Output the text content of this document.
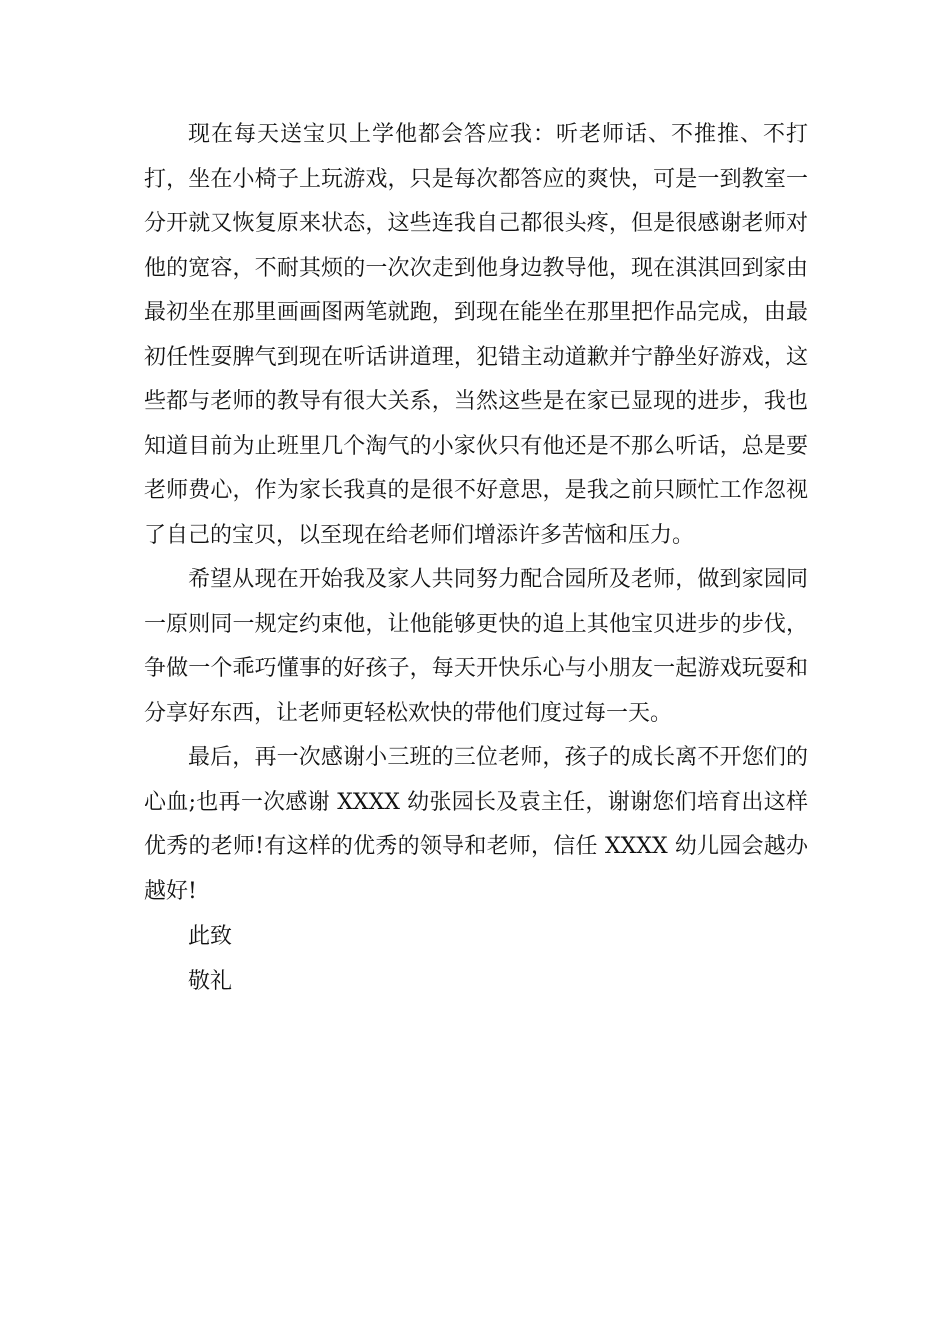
现在每天送宝贝上学他都会答应我：听老师话、不推推、不打打，坐在小椅子上玩游戏，只是每次都答应的爽快，可是一到教室一分开就又恢复原来状态，这些连我自己都很头疼，但是很感谢老师对他的宽容，不耐其烦的一次次走到他身边教导他，现在淇淇回到家由最初坐在那里画画图两笔就跑，到现在能坐在那里把作品完成，由最初任性耍脾气到现在听话讲道理，犯错主动道歉并宁静坐好游戏，这些都与老师的教导有很大关系，当然这些是在家已显现的进步，我也知道目前为止班里几个淘气的小家伙只有他还是不那么听话，总是要老师费心，作为家长我真的是很不好意思，是我之前只顾忙工作忽视了自己的宝贝，以至现在给老师们增添许多苦恼和压力。

希望从现在开始我及家人共同努力配合园所及老师，做到家园同一原则同一规定约束他，让他能够更快的追上其他宝贝进步的步伐，争做一个乖巧懂事的好孩子，每天开快乐心与小朋友一起游戏玩耍和分享好东西，让老师更轻松欢快的带他们度过每一天。

最后，再一次感谢小三班的三位老师，孩子的成长离不开您们的心血;也再一次感谢 XXXX 幼张园长及袁主任，谢谢您们培育出这样优秀的老师!有这样的优秀的领导和老师，信任 XXXX 幼儿园会越办越好!

此致

敬礼
